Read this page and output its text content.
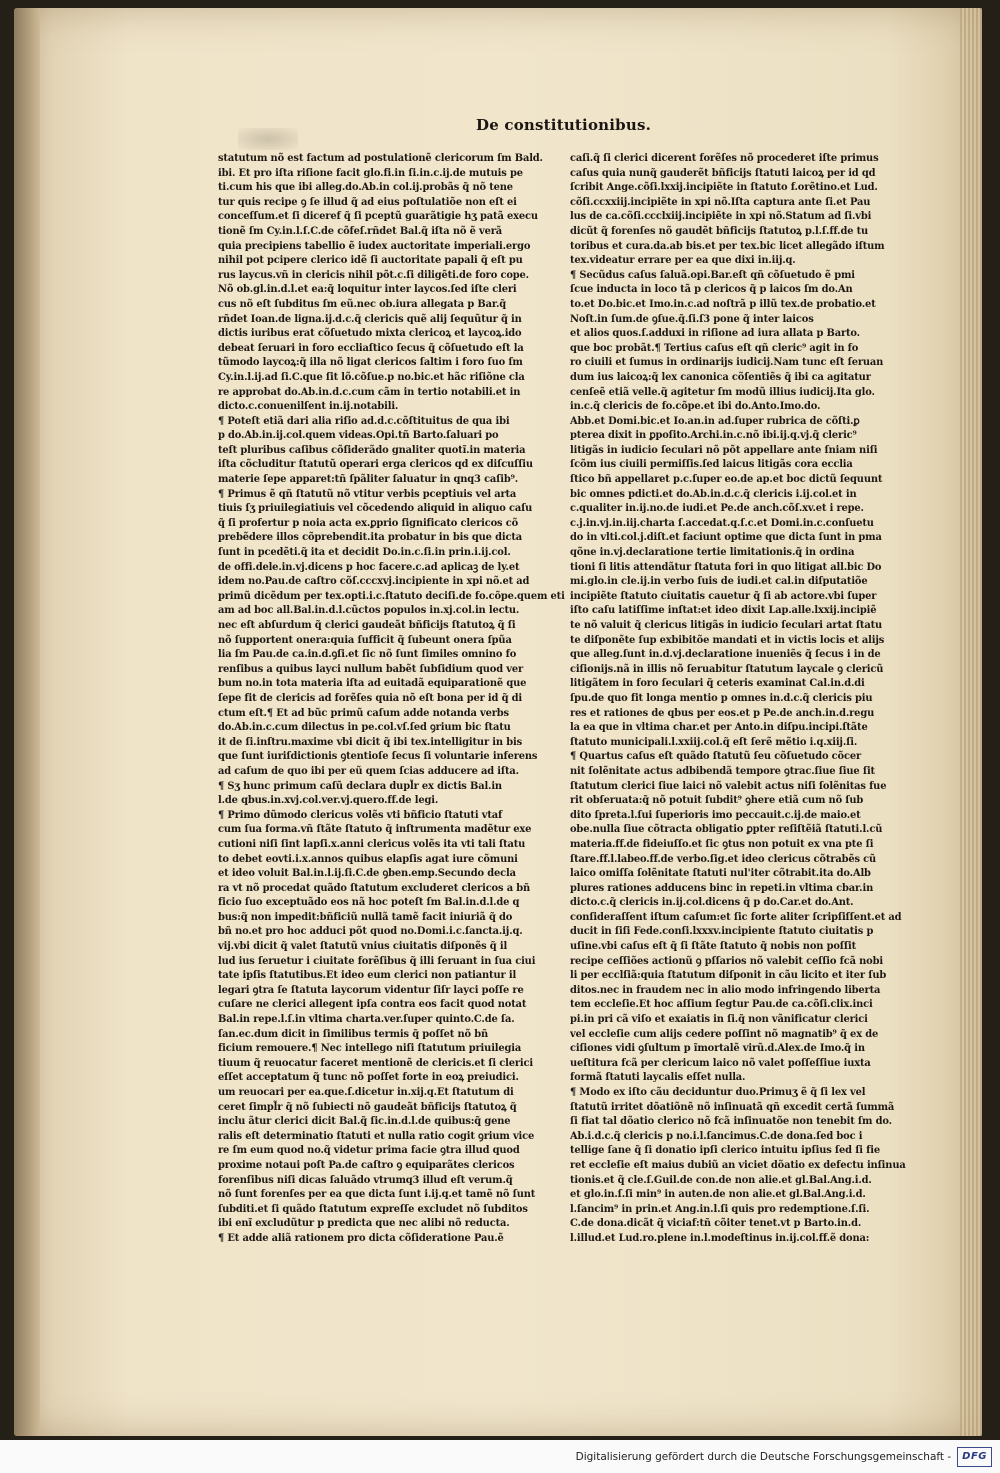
De constitutionibus.
statutum nõ est factum ad postulationẽ clericorum ſm Bald.
ibi. Et pro iſta riſione facit glo.fi.in ſi.in.c.ij.de mutuis pe
ti.cum his que ibi alleg.do.Ab.in col.ij.probãs q̃ nõ tene
tur quis recipe ꝯ ſe illud q̃ ad eius poſtulatiõe non eſt ei
conceſſum.et ſi diceref q̃ ſi pceptũ guarãtigie hʒ patã execu
tionẽ ſm Cy.in.l.ſ.C.de cõfeſ.rñdet Bal.q̃ iſta nõ ẽ verã
quia precipiens tabellio ẽ iudex auctoritate imperiali.ergo
nihil pot pcipere clerico idẽ ſi auctoritate papali q̃ eſt pu
rus laycus.vñ in clericis nihil põt.c.ſi diligẽti.de foro cope.
Nõ ob.gl.in.d.l.et ea:q̃ loquitur inter laycos.ſed iſte cleri
cus nõ eſt ſubditus ſm eũ.nec ob.iura allegata p Bar.q̃
rñdet Ioan.de ligna.ij.d.c.q̃ clericis quẽ alij ſequũtur q̃ in
dictis iuribus erat cõſuetudo mixta clericoꝝ et laycoꝝ.ido
debeat ſeruari in foro eccliaſtico ſecus q̃ cõſuetudo eſt la
tũmodo laycoꝝ:q̃ illa nõ ligat clericos ſaltim i foro ſuo ſm
Cy.in.l.ij.ad ſi.C.que ſit lõ.cõſue.p no.bic.et hãc riſiõne cla
re approbat do.Ab.in.d.c.cum cãm in tertio notabili.et in
dicto.c.conuenilſent in.ij.notabili.
¶ Poteſt etiã dari alia riſio ad.d.c.cõſtituitus de qua ibi
p do.Ab.in.ij.col.quem videas.Opi.tñ Barto.ſaluari po
teſt pluribus caſibus cõſiderãdo gnaliter quotĩ.in materia
iſta cõcluditur ſtatutũ operari erga clericos qd ex diſcuſſiu
materie ſepe apparet:tñ ſpãliter ſaluatur in qnq3 caſib⁹.
¶ Primus ẽ qñ ſtatutũ nõ vtitur verbis pceptiuis vel arta
tiuis ſʒ priuilegiatiuis vel cõcedendo aliquid in aliquo caſu
q̃ ſi profertur p noia acta ex.ꝑprio ſignificato clericos cõ
prebẽdere illos cõprebendit.ita probatur in bis que dicta
ſunt in pcedẽti.q̃ ita et decidit Do.in.c.ſi.in prin.i.ij.col.
de offi.dele.in.vj.dicens p hoc facere.c.ad aplicaꝫ de ly.et
idem no.Pau.de caſtro cõſ.cccxvj.incipiente in xpi nõ.et ad
primũ dicẽdum per tex.opti.i.c.ſtatuto deciſi.de fo.cõpe.quem eti
am ad boc all.Bal.in.d.l.cũctos populos in.xj.col.in lectu.
nec eſt abſurdum q̃ clerici gaudeãt bñficijs ſtatutoꝝ q̃ ſi
nõ ſupportent onera:quia ſufficit q̃ ſubeunt onera ſpũa
lia ſm Pau.de ca.in.d.ꝯſi.et ſic nõ ſunt ſimiles omnino fo
renſibus a quibus layci nullum babẽt ſubſidium quod ver
bum no.in tota materia iſta ad euitadã equiparationẽ que
ſepe fit de clericis ad forẽſes quia nõ eſt bona per id q̃ di
ctum eſt.¶ Et ad bũc primũ caſum adde notanda verbs
do.Ab.in.c.cum dilectus in pe.col.vſ.ſed ꝯrium bic ſtatu
it de ſi.inſtru.maxime vbi dicit q̃ ibi tex.intelligitur in bis
que ſunt iuriſdictionis ꝯtentioſe ſecus ſi voluntarie inferens
ad caſum de quo ibi per eũ quem ſcias adducere ad iſta.
¶ Sʒ hunc primum caſũ declara dupl̃r ex dictis Bal.in
l.de qbus.in.xvj.col.ver.vj.quero.ff.de legi.
¶ Primo dũmodo clericus volẽs vti bñficio ſtatuti vtaf
cum ſua forma.vñ ſtãte ſtatuto q̃ inſtrumenta madẽtur exe
cutioni niſi ſint lapſi.x.anni clericus volẽs ita vti tali ſtatu
to debet eovti.i.x.annos quibus elapſis agat iure cõmuni
et ideo voluit Bal.in.l.ij.ſi.C.de ꝯben.emp.Secundo decla
ra vt nõ procedat quãdo ſtatutum excluderet clericos a bñ
ficio ſuo exceptuãdo eos nã hoc poteſt ſm Bal.in.d.l.de q
bus:q̃ non impedit:bñficiũ nullã tamẽ facit iniuriã q̃ do
bñ no.et pro hoc adduci põt quod no.Domi.i.c.ſancta.ij.q.
vij.vbi dicit q̃ valet ſtatutũ vnius ciuitatis diſponẽs q̃ il
lud ius ſeruetur i ciuitate forẽſibus q̃ illi ſeruant in ſua ciui
tate ipſis ſtatutibus.Et ideo eum clerici non patiantur il
legari ꝯtra ſe ſtatuta laycorum videntur ſiſr layci poſſe re
cuſare ne clerici allegent ipſa contra eos facit quod notat
Bal.in repe.l.ſ.in vltima charta.ver.ſuper quinto.C.de ſa.
ſan.ec.dum dicit in ſimilibus termis q̃ poſſet nõ bñ
ficium remouere.¶ Nec intellego niſi ſtatutum priuilegia
tiuum q̃ reuocatur faceret mentionẽ de clericis.et ſi clerici
eſſet acceptatum q̃ tunc nõ poſſet forte in eoꝝ preiudici.
um reuocari per ea.que.ſ.dicetur in.xij.q.Et ſtatutum di
ceret ſimpl̃r q̃ nõ ſubiecti nõ gaudeãt bñficijs ſtatutoꝝ q̃
inclu ãtur clerici dicit Bal.q̃ ſic.in.d.l.de quibus:q̃ gene
ralis eſt determinatio ſtatuti et nulla ratio cogit ꝯrium vice
re ſm eum quod no.q̃ videtur prima facie ꝯtra illud quod
proxime notaui poſt Pa.de caſtro ꝯ equiparãtes clericos
forenſibus niſi dicas ſaluãdo vtrumq3 illud eſt verum.q̃
nõ ſunt forenſes per ea que dicta ſunt i.ij.q.et tamẽ nõ ſunt
ſubditi.et ſi quãdo ſtatutum expreſſe excludet nõ ſubditos
ibi enĩ excludũtur p predicta que nec alibi nõ reducta.
¶ Et adde aliã rationem pro dicta cõſideratione Pau.ẽ
caſi.q̃ ſi clerici dicerent forẽſes nõ procederet iſte primus
caſus quia nunq̃ gauderẽt bñficijs ſtatuti laicoꝝ per id qd
ſcribit Ange.cõſi.lxxij.incipiẽte in ſtatuto f.orẽtino.et Lud.
cõſi.ccxxiij.incipiẽte in xpi nõ.Iſta captura ante ſi.et Pau
lus de ca.cõſi.ccclxiij.incipiẽte in xpi nõ.Statum ad ſi.vbi
dicũt q̃ forenſes nõ gaudẽt bñficijs ſtatutoꝝ p.l.ſ.ff.de tu
toribus et cura.da.ab bis.et per tex.bic licet allegãdo iſtum
tex.videatur errare per ea que dixi in.iij.q.
¶ Secũdus caſus ſaluã.opi.Bar.eſt qñ cõſuetudo ẽ pmi
ſcue inducta in loco tã p clericos q̃ p laicos ſm do.An
to.et Do.bic.et Imo.in.c.ad noſtrã p illũ tex.de probatio.et
Noſt.in ſum.de ꝯſue.q̃.ſi.ſ3 pone q̃ inter laicos
et alios quos.ſ.adduxi in riſione ad iura allata p Barto.
que boc probãt.¶ Tertius caſus eſt qñ cleric⁹ agit in fo
ro ciuili et ſumus in ordinarijs iudicij.Nam tunc eſt ſeruan
dum ius laicoꝝ:q̃ lex canonica cõſentiẽs q̃ ibi ca agitatur
cenſeẽ etiã velle.q̃ agitetur ſm modũ illius iudicij.Ita glo.
in.c.q̃ clericis de fo.cõpe.et ibi do.Anto.Imo.do.
Abb.et Domi.bic.et Io.an.in ad.ſuper rubrica de cõſti.ꝑ
pterea dixit in ꝑpoſito.Archi.in.c.nõ ibi.ij.q.vj.q̃ cleric⁹
litigãs in iudicio ſeculari nõ põt appellare ante ſniam niſi
ſcõm ius ciuili permiſſis.ſed laicus litigãs cora ecclia
ſtico bñ appellaret p.c.ſuper eo.de ap.et boc dictũ ſequunt
bic omnes pdicti.et do.Ab.in.d.c.q̃ clericis i.ij.col.et in
c.qualiter in.ij.no.de iudi.et Pe.de anch.cõſ.xv.et i repe.
c.j.in.vj.in.iij.charta ſ.accedat.q.ſ.c.et Domi.in.c.conſuetu
do in vlti.col.j.diſt.et faciunt optime que dicta ſunt in pma
qõne in.vj.declaratione tertie limitationis.q̃ in ordina
tioni ſi litis attendãtur ſtatuta fori in quo litigat all.bic Do
mi.glo.in cle.ij.in verbo ſuis de iudi.et cal.in diſputatiõe
incipiẽte ſtatuto ciuitatis cauetur q̃ ſi ab actore.vbi ſuper
iſto caſu latiſſime inſtat:et ideo dixit Lap.alle.lxxij.incipiẽ
te nõ valuit q̃ clericus litigãs in iudicio ſeculari artat ſtatu
te diſponẽte ſup exbibitõe mandati et in victis locis et alijs
que alleg.ſunt in.d.vj.declaratione inueniẽs q̃ ſecus i in de
ciſionijs.nã in illis nõ ſeruabitur ſtatutum laycale ꝯ clericũ
litigãtem in foro ſeculari q̃ ceteris examinat Cal.in.d.di
ſpu.de quo fit longa mentio p omnes in.d.c.q̃ clericis piu
res et rationes de qbus per eos.et p Pe.de anch.in.d.regu
la ea que in vltima char.et per Anto.in diſpu.incipi.ſtãte
ſtatuto municipali.l.xxiij.col.q̃ eſt ſerẽ mẽtio i.q.xiij.ſi.
¶ Quartus caſus eſt quãdo ſtatutũ ſeu cõſuetudo cõcer
nit ſolẽnitate actus adbibendã tempore ꝯtrac.ſiue ſiue ſit
ſtatutum clerici ſiue laici nõ valebit actus niſi ſolẽnitas fue
rit obſeruata:q̃ nõ potuit ſubdit⁹ ꝯhere etiã cum nõ ſub
dito ſpreta.l.ſui ſuperioris imo peccauit.c.ij.de maio.et
obe.nulla ſiue cõtracta obligatio ꝑpter reſiſtẽiã ſtatuti.l.cũ
materia.ff.de fideiuſſo.et ſic ꝯtus non potuit ex vna pte ſi
ſtare.ff.l.labeo.ff.de verbo.ſig.et ideo clericus cõtrabẽs cũ
laico omiſſa ſolẽnitate ſtatuti nul'iter cõtrabit.ita do.Alb
plures rationes adducens binc in repeti.in vltima cbar.in
dicto.c.q̃ clericis in.ij.col.dicens q̃ p do.Car.et do.Ant.
conſideraſſent iſtum caſum:et ſic forte aliter ſcripſiſſent.et ad
ducit in ſiſi Fede.conſi.lxxxv.incipiente ſtatuto ciuitatis p
uſine.vbi caſus eſt q̃ ſi ſtãte ſtatuto q̃ nobis non poſſit
recipe ceſſiões actionũ ꝯ pſſarios nõ valebit ceſſio fcã nobi
li per ecclſiã:quia ſtatutum diſponit in cãu licito et iter ſub
ditos.nec in fraudem nec in alio modo infringendo liberta
tem eccleſie.Et hoc aſſium ſegtur Pau.de ca.cõſi.clix.inci
pi.in pri cã viſo et exaiatis in ſi.q̃ non vãnificatur clerici
vel eccleſie cum alijs cedere poſſint nõ magnatib⁹ q̃ ex de
ciſiones vidi ꝯſultum p ĩmortalẽ virũ.d.Alex.de Imo.q̃ in
ueſtitura fcã per clericum laico nõ valet poſſeſſiue iuxta
formã ſtatuti laycalis eſſet nulla.
¶ Modo ex iſto cãu deciduntur duo.Primuʒ ẽ q̃ ſi lex vel
ſtatutũ irritet dõatiõnẽ nõ inſinuatã qñ excedit certã ſummã
ſi fiat tal dõatio clerico nõ fcã inſinuatõe non tenebit ſm do.
Ab.i.d.c.q̃ clericis p no.i.l.ſancimus.C.de dona.ſed boc i
tellige ſane q̃ ſi donatio ipſi clerico intuitu ipſius ſed ſi fie
ret eccleſie eſt maius dubiũ an viciet dõatio ex defectu inſinua
tionis.et q̃ cle.ſ.Guil.de con.de non alie.et gl.Bal.Ang.i.d.
et glo.in.ſ.ſi min⁹ in auten.de non alie.et gl.Bal.Ang.i.d.
l.ſancim⁹ in prin.et Ang.in.l.ſi quis pro redemptione.ſ.ſi.
C.de dona.dicãt q̃ viciaf:tñ cõiter tenet.vt p Barto.in.d.
l.illud.et Lud.ro.plene in.l.modeſtinus in.ij.col.ff.ẽ dona:
Digitalisierung gefördert durch die Deutsche Forschungsgemeinschaft -	DFG
